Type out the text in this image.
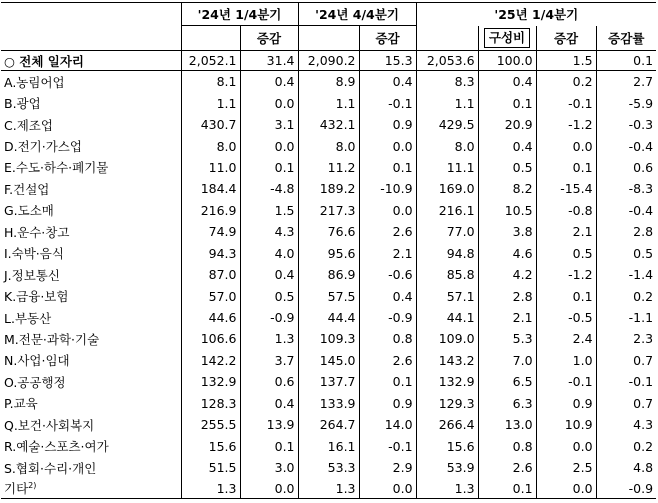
	'24년 1/4분기		'24년 4/4분기		'25년 1/4분기			
		증감		증감		구성비	증감	증감률
○ 전체 일자리	2,052.1	31.4	2,090.2	15.3	2,053.6	100.0	1.5	0.1
A.농림어업	8.1	0.4	8.9	0.4	8.3	0.4	0.2	2.7
B.광업	1.1	0.0	1.1	-0.1	1.1	0.1	-0.1	-5.9
C.제조업	430.7	3.1	432.1	0.9	429.5	20.9	-1.2	-0.3
D.전기·가스업	8.0	0.0	8.0	0.0	8.0	0.4	0.0	-0.4
E.수도·하수·폐기물	11.0	0.1	11.2	0.1	11.1	0.5	0.1	0.6
F.건설업	184.4	-4.8	189.2	-10.9	169.0	8.2	-15.4	-8.3
G.도소매	216.9	1.5	217.3	0.0	216.1	10.5	-0.8	-0.4
H.운수·창고	74.9	4.3	76.6	2.6	77.0	3.8	2.1	2.8
I.숙박·음식	94.3	4.0	95.6	2.1	94.8	4.6	0.5	0.5
J.정보통신	87.0	0.4	86.9	-0.6	85.8	4.2	-1.2	-1.4
K.금융·보험	57.0	0.5	57.5	0.4	57.1	2.8	0.1	0.2
L.부동산	44.6	-0.9	44.4	-0.9	44.1	2.1	-0.5	-1.1
M.전문·과학·기술	106.6	1.3	109.3	0.8	109.0	5.3	2.4	2.3
N.사업·임대	142.2	3.7	145.0	2.6	143.2	7.0	1.0	0.7
O.공공행정	132.9	0.6	137.7	0.1	132.9	6.5	-0.1	-0.1
P.교육	128.3	0.4	133.9	0.9	129.3	6.3	0.9	0.7
Q.보건·사회복지	255.5	13.9	264.7	14.0	266.4	13.0	10.9	4.3
R.예술·스포츠·여가	15.6	0.1	16.1	-0.1	15.6	0.8	0.0	0.2
S.협회·수리·개인	51.5	3.0	53.3	2.9	53.9	2.6	2.5	4.8
기타$^{2)}$	1.3	0.0	1.3	0.0	1.3	0.1	0.0	-0.9
